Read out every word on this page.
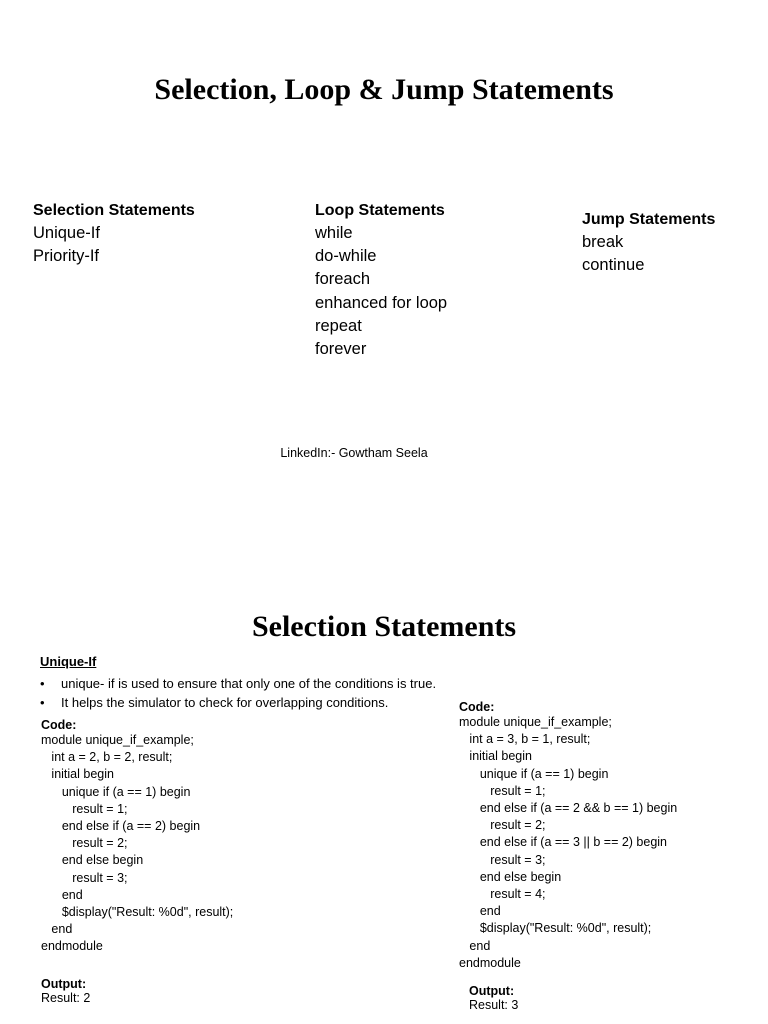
Selection, Loop & Jump Statements
Selection Statements
Unique-If
Priority-If
Loop Statements
while
do-while
foreach
enhanced for loop
repeat
forever
Jump Statements
break
continue
LinkedIn:- Gowtham Seela
Selection Statements
Unique-If
•	unique- if is used to ensure that only one of the conditions is true.
•	It helps the simulator to check for overlapping conditions.
Code:
module unique_if_example;
int a = 2, b = 2, result;
initial begin
unique if (a == 1) begin
result = 1;
end else if (a == 2) begin
result = 2;
end else begin
result = 3;
end
$display("Result: %0d", result);
end
endmodule
Output:
Result: 2
Code:
module unique_if_example;
int a = 3, b = 1, result;
initial begin
unique if (a == 1) begin
result = 1;
end else if (a == 2 && b == 1) begin
result = 2;
end else if (a == 3 || b == 2) begin
result = 3;
end else begin
result = 4;
end
$display("Result: %0d", result);
end
endmodule
Output:
Result: 3
